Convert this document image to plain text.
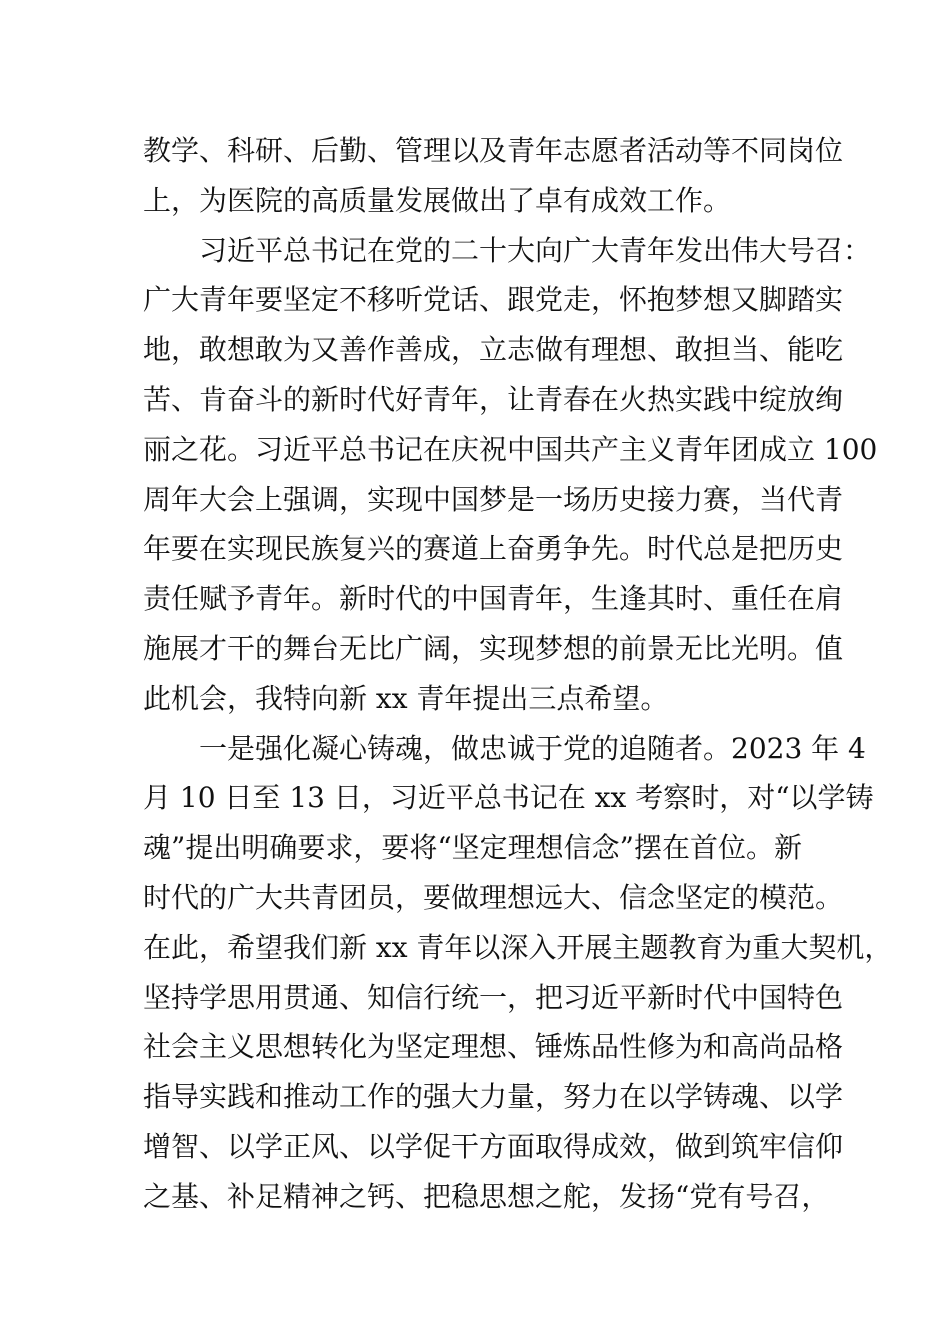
教学、科研、后勤、管理以及青年志愿者活动等不同岗位
上，为医院的高质量发展做出了卓有成效工作。
习近平总书记在党的二十大向广大青年发出伟大号召：
广大青年要坚定不移听党话、跟党走，怀抱梦想又脚踏实
地，敢想敢为又善作善成，立志做有理想、敢担当、能吃
苦、肯奋斗的新时代好青年，让青春在火热实践中绽放绚
丽之花。习近平总书记在庆祝中国共产主义青年团成立 100
周年大会上强调，实现中国梦是一场历史接力赛，当代青
年要在实现民族复兴的赛道上奋勇争先。时代总是把历史
责任赋予青年。新时代的中国青年，生逢其时、重任在肩
施展才干的舞台无比广阔，实现梦想的前景无比光明。值
此机会，我特向新 xx 青年提出三点希望。
一是强化凝心铸魂，做忠诚于党的追随者。2023 年 4
月 10 日至 13 日，习近平总书记在 xx 考察时，对“以学铸
魂”提出明确要求，要将“坚定理想信念”摆在首位。新
时代的广大共青团员，要做理想远大、信念坚定的模范。
在此，希望我们新 xx 青年以深入开展主题教育为重大契机，
坚持学思用贯通、知信行统一，把习近平新时代中国特色
社会主义思想转化为坚定理想、锤炼品性修为和高尚品格
指导实践和推动工作的强大力量，努力在以学铸魂、以学
增智、以学正风、以学促干方面取得成效，做到筑牢信仰
之基、补足精神之钙、把稳思想之舵，发扬“党有号召，
